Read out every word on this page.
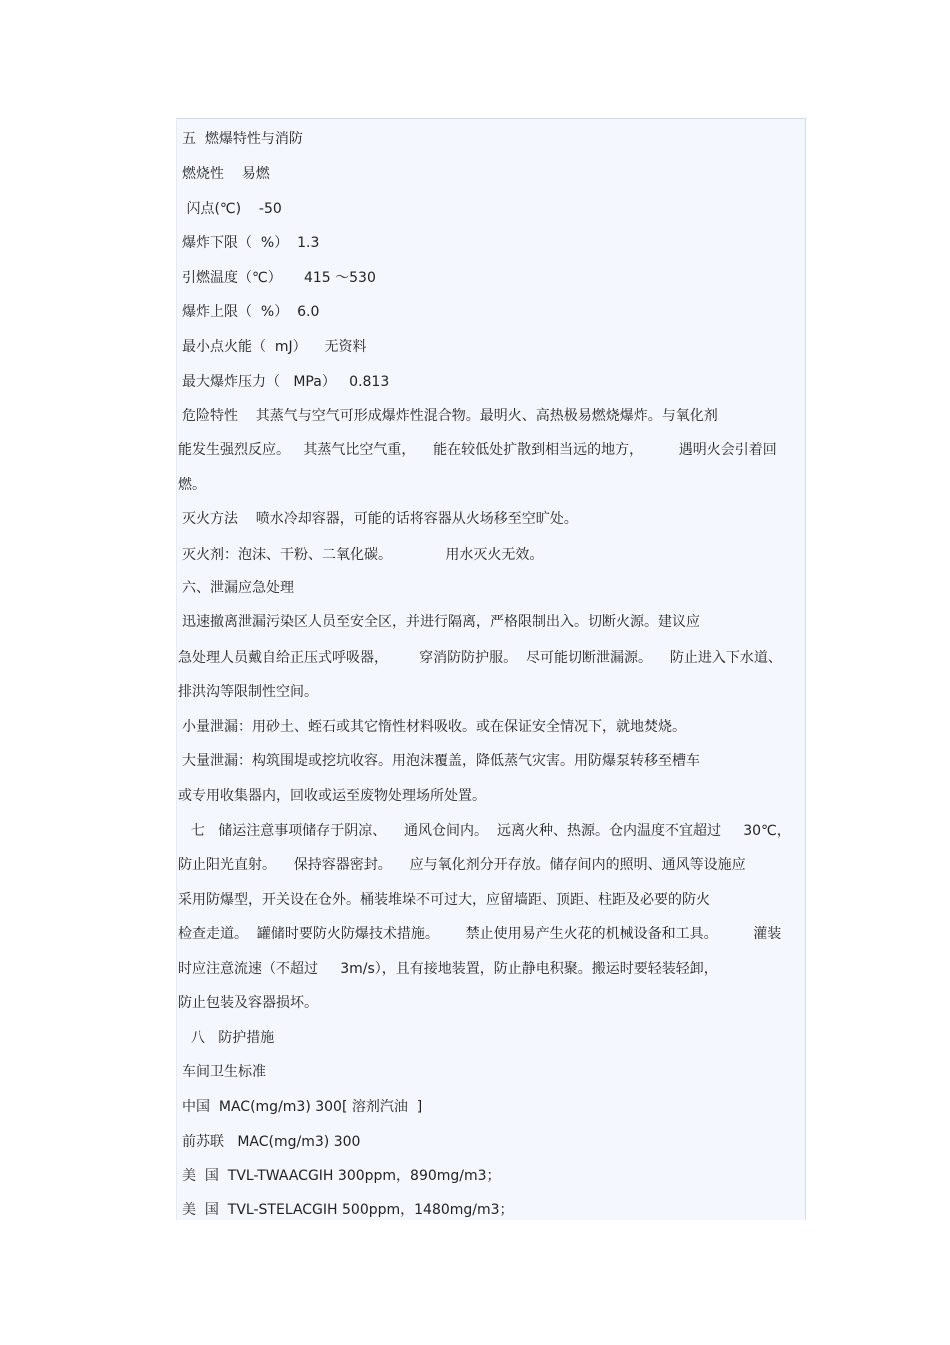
五  燃爆特性与消防
燃烧性    易燃
闪点(℃)    -50
爆炸下限（  %）  1.3
引燃温度（℃）     415 ～530
爆炸上限（  %）  6.0
最小点火能（  mJ）    无资料
最大爆炸压力（   MPa）   0.813
危险特性    其蒸气与空气可形成爆炸性混合物。最明火、高热极易燃烧爆炸。与氧化剂
能发生强烈反应。   其蒸气比空气重，    能在较低处扩散到相当远的地方，        遇明火会引着回
燃。
灭火方法    喷水冷却容器，可能的话将容器从火场移至空旷处。
灭火剂：泡沫、干粉、二氧化碳。            用水灭火无效。
六、泄漏应急处理
迅速撤离泄漏污染区人员至安全区，并进行隔离，严格限制出入。切断火源。建议应
急处理人员戴自给正压式呼吸器，       穿消防防护服。  尽可能切断泄漏源。    防止进入下水道、
排洪沟等限制性空间。
小量泄漏：用砂土、蛭石或其它惰性材料吸收。或在保证安全情况下，就地焚烧。
大量泄漏：构筑围堤或挖坑收容。用泡沫覆盖，降低蒸气灾害。用防爆泵转移至槽车
或专用收集器内，回收或运至废物处理场所处置。
七   储运注意事项储存于阴凉、    通风仓间内。  远离火种、热源。仓内温度不宜超过     30℃，
防止阳光直射。    保持容器密封。    应与氧化剂分开存放。储存间内的照明、通风等设施应
采用防爆型，开关设在仓外。桶装堆垛不可过大，应留墙距、顶距、柱距及必要的防火
检查走道。  罐储时要防火防爆技术措施。      禁止使用易产生火花的机械设备和工具。        灌装
时应注意流速（不超过     3m/s），且有接地装置，防止静电积聚。搬运时要轻装轻卸，
防止包装及容器损坏。
八   防护措施
车间卫生标准
中国  MAC(mg/m3) 300[ 溶剂汽油  ]
前苏联   MAC(mg/m3) 300
美  国  TVL-TWAACGIH 300ppm，890mg/m3；
美  国  TVL-STELACGIH 500ppm，1480mg/m3；
